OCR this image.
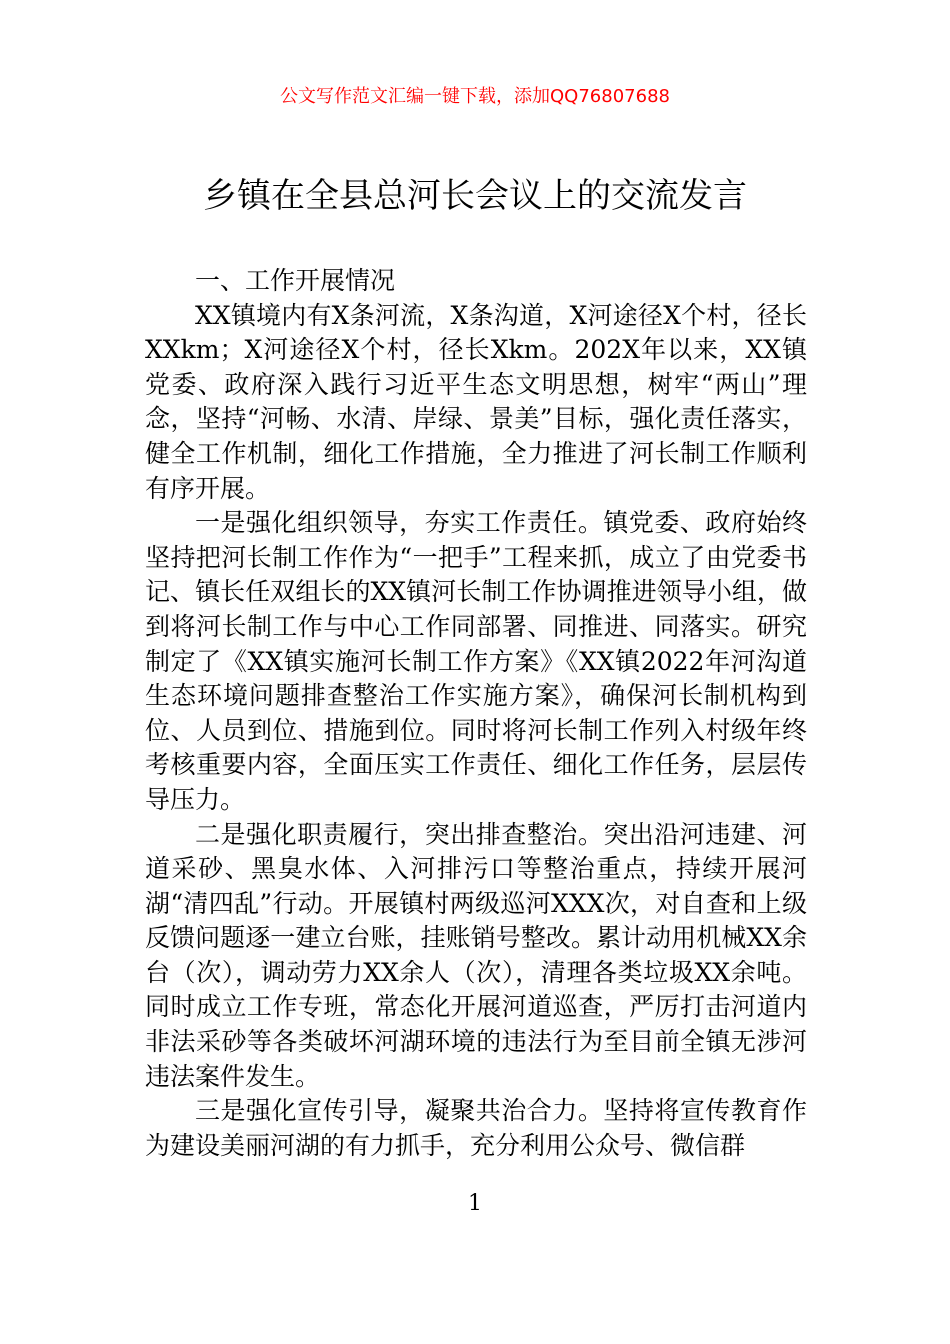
公文写作范文汇编一键下载，添加QQ76807688
乡镇在全县总河长会议上的交流发言
一、工作开展情况

XX镇境内有X条河流，X条沟道，X河途径X个村，径长XXkm；X河途径X个村，径长Xkm。202X年以来，XX镇党委、政府深入践行习近平生态文明思想，树牢“两山”理念，坚持“河畅、水清、岸绿、景美”目标，强化责任落实，健全工作机制，细化工作措施，全力推进了河长制工作顺利有序开展。

一是强化组织领导，夯实工作责任。镇党委、政府始终坚持把河长制工作作为“一把手”工程来抓，成立了由党委书记、镇长任双组长的XX镇河长制工作协调推进领导小组，做到将河长制工作与中心工作同部署、同推进、同落实。研究制定了《XX镇实施河长制工作方案》《XX镇2022年河沟道生态环境问题排查整治工作实施方案》，确保河长制机构到位、人员到位、措施到位。同时将河长制工作列入村级年终考核重要内容，全面压实工作责任、细化工作任务，层层传导压力。

二是强化职责履行，突出排查整治。突出沿河违建、河道采砂、黑臭水体、入河排污口等整治重点，持续开展河湖“清四乱”行动。开展镇村两级巡河XXX次，对自查和上级反馈问题逐一建立台账，挂账销号整改。累计动用机械XX余台（次），调动劳力XX余人（次），清理各类垃圾XX余吨。同时成立工作专班，常态化开展河道巡查，严厉打击河道内非法采砂等各类破坏河湖环境的违法行为至目前全镇无涉河违法案件发生。

三是强化宣传引导，凝聚共治合力。坚持将宣传教育作为建设美丽河湖的有力抓手，充分利用公众号、微信群

1
